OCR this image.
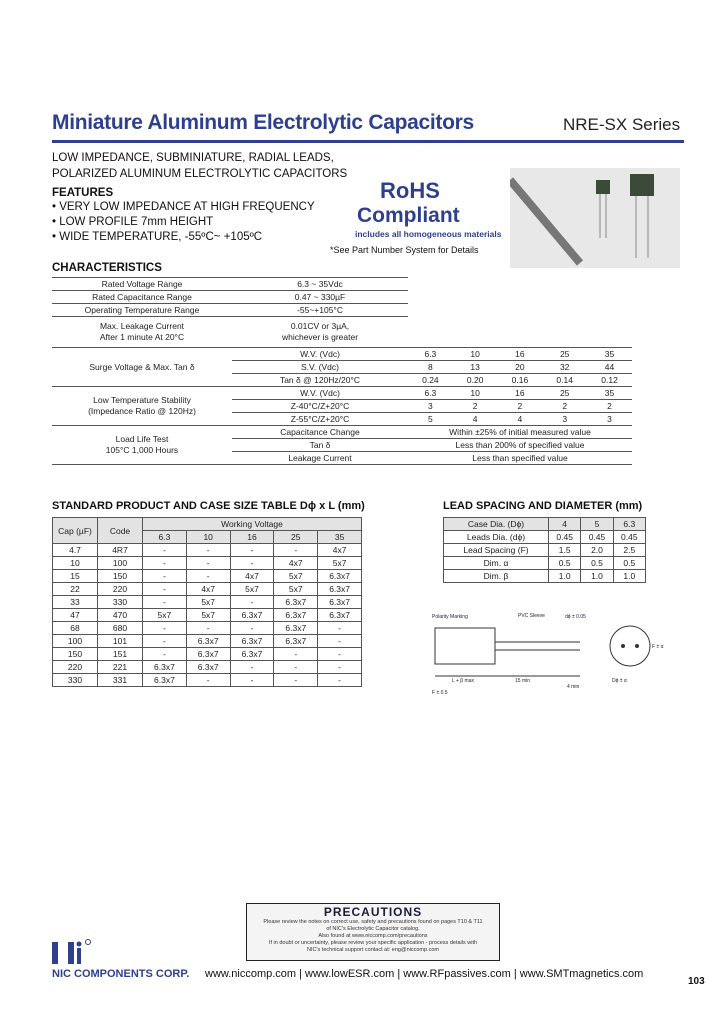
Miniature Aluminum Electrolytic Capacitors	NRE-SX Series
LOW IMPEDANCE, SUBMINIATURE, RADIAL LEADS,
POLARIZED ALUMINUM ELECTROLYTIC CAPACITORS
FEATURES
• VERY LOW IMPEDANCE AT HIGH FREQUENCY
• LOW PROFILE 7mm HEIGHT
• WIDE TEMPERATURE, -55ºC~ +105ºC
RoHS
Compliant
includes all homogeneous materials
*See Part Number System for Details
CHARACTERISTICS
Rated Voltage Range	6.3 ~ 35Vdc					
Rated Capacitance Range	0.47 ~ 330µF					
Operating Temperature Range	-55~+105°C					
Max. Leakage Current
After 1 minute At 20°C	0.01CV or 3µA,
whichever is greater					
Surge Voltage & Max. Tan δ	W.V. (Vdc)	6.3	10	16	25	35
	S.V. (Vdc)	8	13	20	32	44
	Tan δ @ 120Hz/20°C	0.24	0.20	0.16	0.14	0.12
Low Temperature Stability
(Impedance Ratio @ 120Hz)	W.V. (Vdc)	6.3	10	16	25	35
	Z-40°C/Z+20°C	3	2	2	2	2
	Z-55°C/Z+20°C	5	4	4	3	3
Load Life Test
105°C 1,000 Hours	Capacitance Change	Within ±25% of initial measured value				
	Tan δ	Less than 200% of specified value				
	Leakage Current	Less than specified value				
STANDARD PRODUCT AND CASE SIZE TABLE Dϕ x L (mm)
Cap (µF)	Code	Working Voltage				
		6.3	10	16	25	35
4.7	4R7	-	-	-	-	4x7
10	100	-	-	-	4x7	5x7
15	150	-	-	4x7	5x7	6.3x7
22	220	-	4x7	5x7	5x7	6.3x7
33	330	-	5x7	-	6.3x7	6.3x7
47	470	5x7	5x7	6.3x7	6.3x7	6.3x7
68	680	-	-	-	6.3x7	-
100	101	-	6.3x7	6.3x7	6.3x7	-
150	151	-	6.3x7	6.3x7	-	-
220	221	6.3x7	6.3x7	-	-	-
330	331	6.3x7	-	-	-	-
LEAD SPACING AND DIAMETER (mm)
Case Dia. (Dϕ)	4	5	6.3
Leads Dia. (dϕ)	0.45	0.45	0.45
Lead Spacing (F)	1.5	2.0	2.5
Dim. α	0.5	0.5	0.5
Dim. β	1.0	1.0	1.0
Polarity Marking	PVC Sleeve
L + β max	15 min
4 min
dϕ ± 0.05
Dϕ ± α
F ± α
F ± 0.5
PRECAUTIONS
Please review the notes on correct use, safety and precautions found on pages T10 & T11
of NIC's Electrolytic Capacitor catalog.
Also found at www.niccomp.com/precautions
If in doubt or uncertainty, please review your specific application - process details with
NIC's technical support contact at: eng@niccomp.com
NIC COMPONENTS CORP. www.niccomp.com | www.lowESR.com | www.RFpassives.com | www.SMTmagnetics.com
103
